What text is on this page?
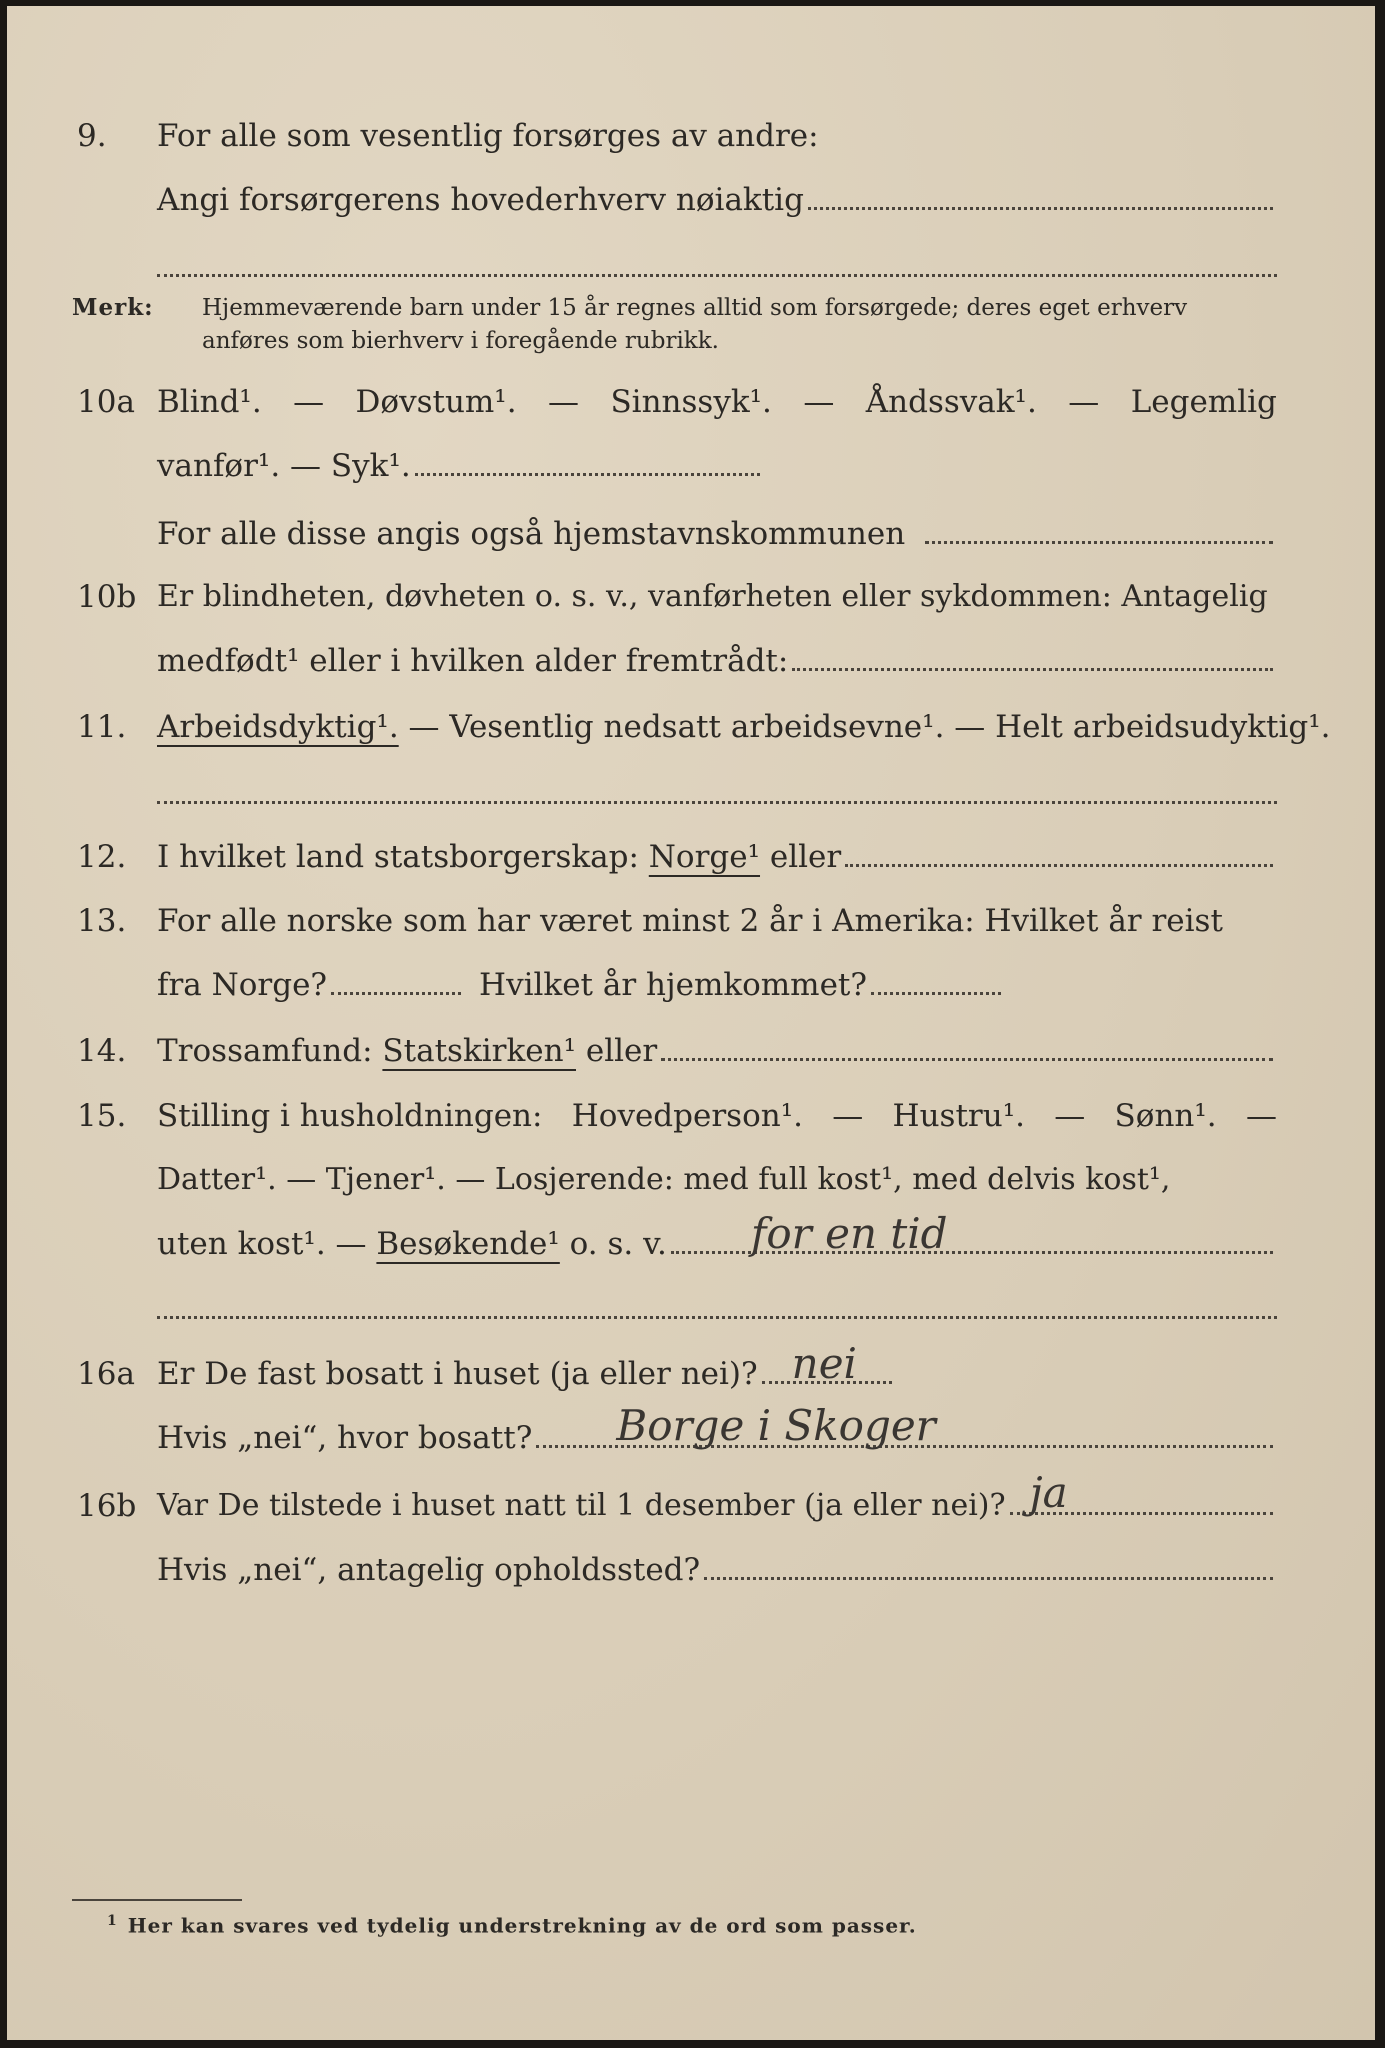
9. For alle som vesentlig forsørges av andre:
Angi forsørgerens hovederhverv nøiaktig
Merk: Hjemmeværende barn under 15 år regnes alltid som forsørgede; deres eget erhverv anføres som bierhverv i foregående rubrikk.
10a Blind¹. — Døvstum¹. — Sinnssyk¹. — Åndssvak¹. — Legemlig
vanfør¹. — Syk¹.
For alle disse angis også hjemstavnskommunen
10b Er blindheten, døvheten o. s. v., vanførheten eller sykdommen: Antagelig
medfødt¹ eller i hvilken alder fremtrådt:
11. Arbeidsdyktig¹. — Vesentlig nedsatt arbeidsevne¹. — Helt arbeidsudyktig¹.
12. I hvilket land statsborgerskap: Norge¹ eller
13. For alle norske som har været minst 2 år i Amerika: Hvilket år reist
fra Norge?	Hvilket år hjemkommet?
14. Trossamfund: Statskirken¹ eller
15. Stilling i husholdningen: Hovedperson¹. — Hustru¹. — Sønn¹. —
Datter¹. — Tjener¹. — Losjerende: med full kost¹, med delvis kost¹,
uten kost¹. — Besøkende¹ o. s. v. for en tid
16a Er De fast bosatt i huset (ja eller nei)? nei
Hvis „nei“, hvor bosatt? Borge i Skoger
16b Var De tilstede i huset natt til 1 desember (ja eller nei)? ja
Hvis „nei“, antagelig opholdssted?
$^1$ Her kan svares ved tydelig understrekning av de ord som passer.
